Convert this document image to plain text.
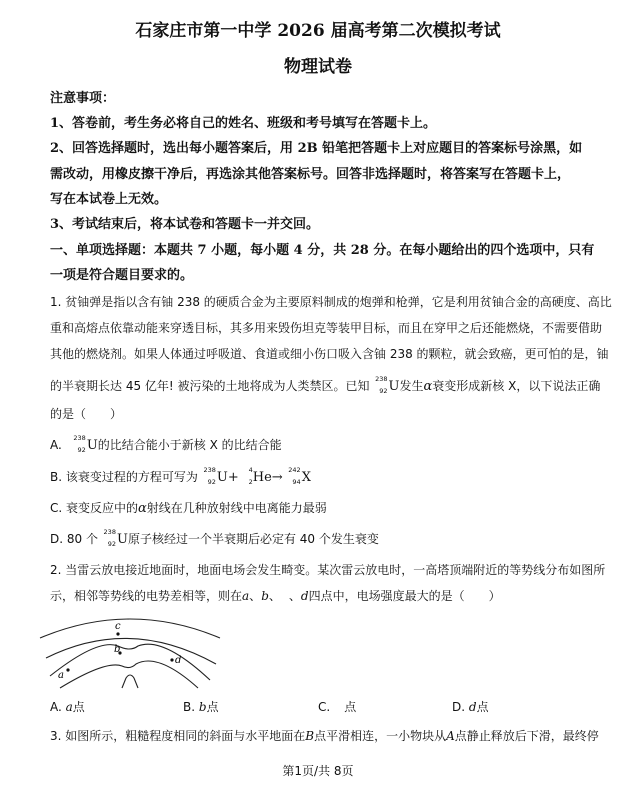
石家庄市第一中学 2026 届高考第二次模拟考试
物理试卷
注意事项：
1、答卷前，考生务必将自己的姓名、班级和考号填写在答题卡上。
2、回答选择题时，选出每小题答案后，用 2B 铅笔把答题卡上对应题目的答案标号涂黑，如
需改动，用橡皮擦干净后，再选涂其他答案标号。回答非选择题时，将答案写在答题卡上，
写在本试卷上无效。
3、考试结束后，将本试卷和答题卡一并交回。
一、单项选择题：本题共 7 小题，每小题 4 分，共 28 分。在每小题给出的四个选项中，只有
一项是符合题目要求的。
1. 贫铀弹是指以含有铀 238 的硬质合金为主要原料制成的炮弹和枪弹，它是利用贫铀合金的高硬度、高比
重和高熔点依靠动能来穿透目标，其多用来毁伤坦克等装甲目标，而且在穿甲之后还能燃烧，不需要借助
其他的燃烧剂。如果人体通过呼吸道、食道或细小伤口吸入含铀 238 的颗粒，就会致癌，更可怕的是，铀
的半衰期长达 45 亿年! 被污染的土地将成为人类禁区。已知 238
92 U发生α衰变形成新核 X，以下说法正确
的是（　　）
A. 238
92 U的比结合能小于新核 X 的比结合能
B. 该衰变过程的方程可写为 238
92 U+ 4
2 He→ 242
94 X
C. 衰变反应中的α射线在几种放射线中电离能力最弱
D. 80 个 238
92 U原子核经过一个半衰期后必定有 40 个发生衰变
2. 当雷云放电接近地面时，地面电场会发生畸变。某次雷云放电时，一高塔顶端附近的等势线分布如图所
示，相邻等势线的电势差相等，则在a、b、 、d四点中，电场强度最大的是（　　）
a
c
b
d
A. a点	B. b点	C. 点	D. d点
3. 如图所示，粗糙程度相同的斜面与水平地面在B点平滑相连，一小物块从A点静止释放后下滑，最终停
第1页/共 8页
